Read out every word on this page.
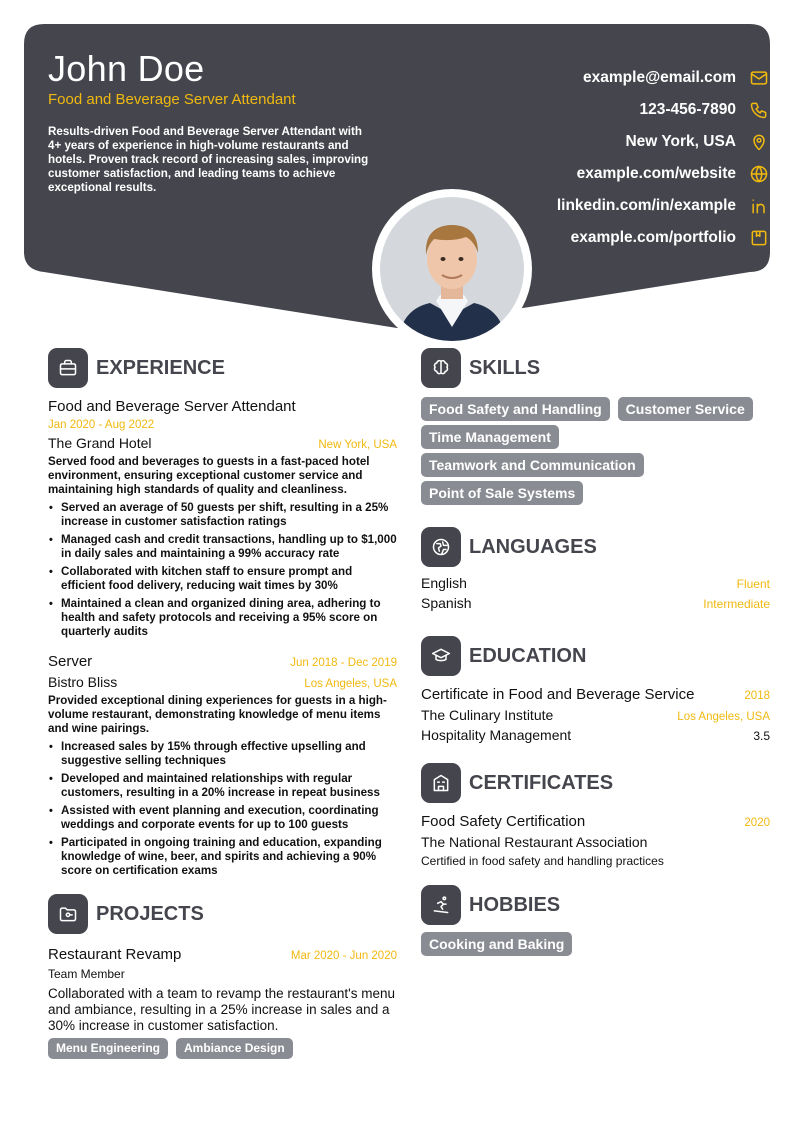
John Doe
Food and Beverage Server Attendant
Results-driven Food and Beverage Server Attendant with 4+ years of experience in high-volume restaurants and hotels. Proven track record of increasing sales, improving customer satisfaction, and leading teams to achieve exceptional results.
example@email.com
123-456-7890
New York, USA
example.com/website
linkedin.com/in/example
example.com/portfolio
EXPERIENCE
Food and Beverage Server Attendant
Jan 2020 - Aug 2022
The Grand Hotel	New York, USA
Served food and beverages to guests in a fast-paced hotel environment, ensuring exceptional customer service and maintaining high standards of quality and cleanliness.
• Served an average of 50 guests per shift, resulting in a 25% increase in customer satisfaction ratings
• Managed cash and credit transactions, handling up to $1,000 in daily sales and maintaining a 99% accuracy rate
• Collaborated with kitchen staff to ensure prompt and efficient food delivery, reducing wait times by 30%
• Maintained a clean and organized dining area, adhering to health and safety protocols and receiving a 95% score on quarterly audits
Server	Jun 2018 - Dec 2019
Bistro Bliss	Los Angeles, USA
Provided exceptional dining experiences for guests in a high-volume restaurant, demonstrating knowledge of menu items and wine pairings.
• Increased sales by 15% through effective upselling and suggestive selling techniques
• Developed and maintained relationships with regular customers, resulting in a 20% increase in repeat business
• Assisted with event planning and execution, coordinating weddings and corporate events for up to 100 guests
• Participated in ongoing training and education, expanding knowledge of wine, beer, and spirits and achieving a 90% score on certification exams
PROJECTS
Restaurant Revamp	Mar 2020 - Jun 2020
Team Member
Collaborated with a team to revamp the restaurant's menu and ambiance, resulting in a 25% increase in sales and a 30% increase in customer satisfaction.
Menu Engineering	Ambiance Design
SKILLS
Food Safety and Handling	Customer Service
Time Management
Teamwork and Communication
Point of Sale Systems
LANGUAGES
English	Fluent
Spanish	Intermediate
EDUCATION
Certificate in Food and Beverage Service	2018
The Culinary Institute	Los Angeles, USA
Hospitality Management	3.5
CERTIFICATES
Food Safety Certification	2020
The National Restaurant Association
Certified in food safety and handling practices
HOBBIES
Cooking and Baking
